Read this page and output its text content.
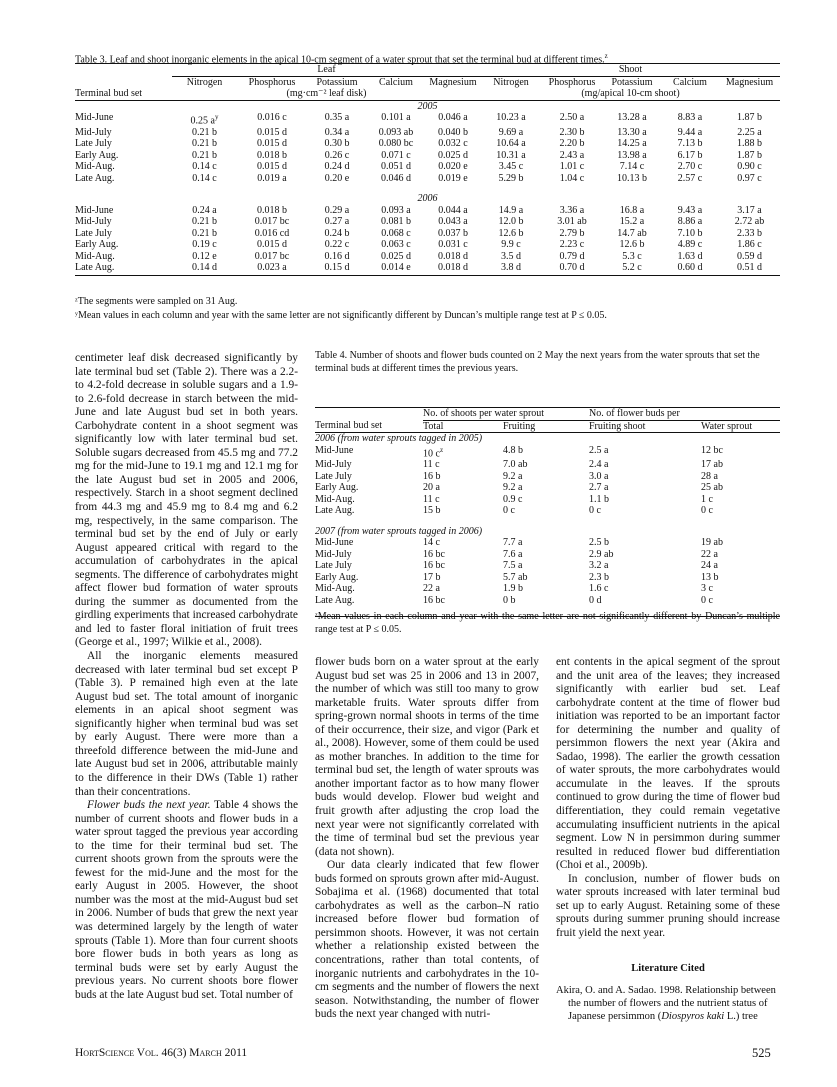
Table 3. Leaf and shoot inorganic elements in the apical 10-cm segment of a water sprout that set the terminal bud at different times.$^z$
	Leaf					Shoot				
	Nitrogen	Phosphorus	Potassium	Calcium	Magnesium	Nitrogen	Phosphorus	Potassium	Calcium	Magnesium
Terminal bud set	(mg·cm⁻² leaf disk)					(mg/apical 10-cm shoot)				
2005										
Mid-June	0.25 $a^y$	0.016 c	0.35 a	0.101 a	0.046 a	10.23 a	2.50 a	13.28 a	8.83 a	1.87 b
Mid-July	0.21 b	0.015 d	0.34 a	0.093 ab	0.040 b	9.69 a	2.30 b	13.30 a	9.44 a	2.25 a
Late July	0.21 b	0.015 d	0.30 b	0.080 bc	0.032 c	10.64 a	2.20 b	14.25 a	7.13 b	1.88 b
Early Aug.	0.21 b	0.018 b	0.26 c	0.071 c	0.025 d	10.31 a	2.43 a	13.98 a	6.17 b	1.87 b
Mid-Aug.	0.14 c	0.015 d	0.24 d	0.051 d	0.020 e	3.45 c	1.01 c	7.14 c	2.70 c	0.90 c
Late Aug.	0.14 c	0.019 a	0.20 e	0.046 d	0.019 e	5.29 b	1.04 c	10.13 b	2.57 c	0.97 c

2006										
Mid-June	0.24 a	0.018 b	0.29 a	0.093 a	0.044 a	14.9 a	3.36 a	16.8 a	9.43 a	3.17 a
Mid-July	0.21 b	0.017 bc	0.27 a	0.081 b	0.043 a	12.0 b	3.01 ab	15.2 a	8.86 a	2.72 ab
Late July	0.21 b	0.016 cd	0.24 b	0.068 c	0.037 b	12.6 b	2.79 b	14.7 ab	7.10 b	2.33 b
Early Aug.	0.19 c	0.015 d	0.22 c	0.063 c	0.031 c	9.9 c	2.23 c	12.6 b	4.89 c	1.86 c
Mid-Aug.	0.12 e	0.017 bc	0.16 d	0.025 d	0.018 d	3.5 d	0.79 d	5.3 c	1.63 d	0.59 d
Late Aug.	0.14 d	0.023 a	0.15 d	0.014 e	0.018 d	3.8 d	0.70 d	5.2 c	0.60 d	0.51 d

ᶻThe segments were sampled on 31 Aug.
ʸMean values in each column and year with the same letter are not significantly different by Duncan’s multiple range test at P ≤ 0.05.
Table 4. Number of shoots and flower buds counted on 2 May the next years from the water sprouts that set the terminal buds at different times the previous years.
	No. of shoots per water sprout		No. of flower buds per	
Terminal bud set	Total	Fruiting	Fruiting shoot	Water sprout
2006 (from water sprouts tagged in 2005)				
Mid-June	10 $c^z$	4.8 b	2.5 a	12 bc
Mid-July	11 c	7.0 ab	2.4 a	17 ab
Late July	16 b	9.2 a	3.0 a	28 a
Early Aug.	20 a	9.2 a	2.7 a	25 ab
Mid-Aug.	11 c	0.9 c	1.1 b	1 c
Late Aug.	15 b	0 c	0 c	0 c

2007 (from water sprouts tagged in 2006)				
Mid-June	14 c	7.7 a	2.5 b	19 ab
Mid-July	16 bc	7.6 a	2.9 ab	22 a
Late July	16 bc	7.5 a	3.2 a	24 a
Early Aug.	17 b	5.7 ab	2.3 b	13 b
Mid-Aug.	22 a	1.9 b	1.6 c	3 c
Late Aug.	16 bc	0 b	0 d	0 c

ᶻMean values in each column and year with the same letter are not significantly different by Duncan’s multiple range test at P ≤ 0.05.

centimeter leaf disk decreased significantly by late terminal bud set (Table 2). There was a 2.2- to 4.2-fold decrease in soluble sugars and a 1.9- to 2.6-fold decrease in starch between the mid-June and late August bud set in both years. Carbohydrate content in a shoot segment was significantly low with later terminal bud set. Soluble sugars decreased from 45.5 mg and 77.2 mg for the mid-June to 19.1 mg and 12.1 mg for the late August bud set in 2005 and 2006, respectively. Starch in a shoot segment declined from 44.3 mg and 45.9 mg to 8.4 mg and 6.2 mg, respectively, in the same comparison. The terminal bud set by the end of July or early August appeared critical with regard to the accumulation of carbohydrates in the apical segments. The difference of carbohydrates might affect flower bud formation of water sprouts during the summer as documented from the girdling experiments that increased carbohydrate and led to faster floral initiation of fruit trees (George et al., 1997; Wilkie et al., 2008).

All the inorganic elements measured decreased with later terminal bud set except P (Table 3). P remained high even at the late August bud set. The total amount of inorganic elements in an apical shoot segment was significantly higher when terminal bud was set by early August. There were more than a threefold difference between the mid-June and late August bud set in 2006, attributable mainly to the difference in their DWs (Table 1) rather than their concentrations.

Flower buds the next year. Table 4 shows the number of current shoots and flower buds in a water sprout tagged the previous year according to the time for their terminal bud set. The current shoots grown from the sprouts were the fewest for the mid-June and the most for the early August in 2005. However, the shoot number was the most at the mid-August bud set in 2006. Number of buds that grew the next year was determined largely by the length of water sprouts (Table 1). More than four current shoots bore flower buds in both years as long as terminal buds were set by early August the previous years. No current shoots bore flower buds at the late August bud set. Total number of

flower buds born on a water sprout at the early August bud set was 25 in 2006 and 13 in 2007, the number of which was still too many to grow marketable fruits. Water sprouts differ from spring-grown normal shoots in terms of the time of their occurrence, their size, and vigor (Park et al., 2008). However, some of them could be used as mother branches. In addition to the time for terminal bud set, the length of water sprouts was another important factor as to how many flower buds would develop. Flower bud weight and fruit growth after adjusting the crop load the next year were not significantly correlated with the time of terminal bud set the previous year (data not shown).

Our data clearly indicated that few flower buds formed on sprouts grown after mid-August. Sobajima et al. (1968) documented that total carbohydrates as well as the carbon–N ratio increased before flower bud formation of persimmon shoots. However, it was not certain whether a relationship existed between the concentrations, rather than total contents, of inorganic nutrients and carbohydrates in the 10-cm segments and the number of flowers the next season. Notwithstanding, the number of flower buds the next year changed with nutri-

ent contents in the apical segment of the sprout and the unit area of the leaves; they increased significantly with earlier bud set. Leaf carbohydrate content at the time of flower bud initiation was reported to be an important factor for determining the number and quality of persimmon flowers the next year (Akira and Sadao, 1998). The earlier the growth cessation of water sprouts, the more carbohydrates would accumulate in the leaves. If the sprouts continued to grow during the time of flower bud differentiation, they could remain vegetative accumulating insufficient nutrients in the apical segment. Low N in persimmon during summer resulted in reduced flower bud differentiation (Choi et al., 2009b).

In conclusion, number of flower buds on water sprouts increased with later terminal bud set up to early August. Retaining some of these sprouts during summer pruning should increase fruit yield the next year.

Literature Cited
Akira, O. and A. Sadao. 1998. Relationship between the number of flowers and the nutrient status of Japanese persimmon (Diospyros kaki L.) tree
HortScience Vol. 46(3) March 2011	525
